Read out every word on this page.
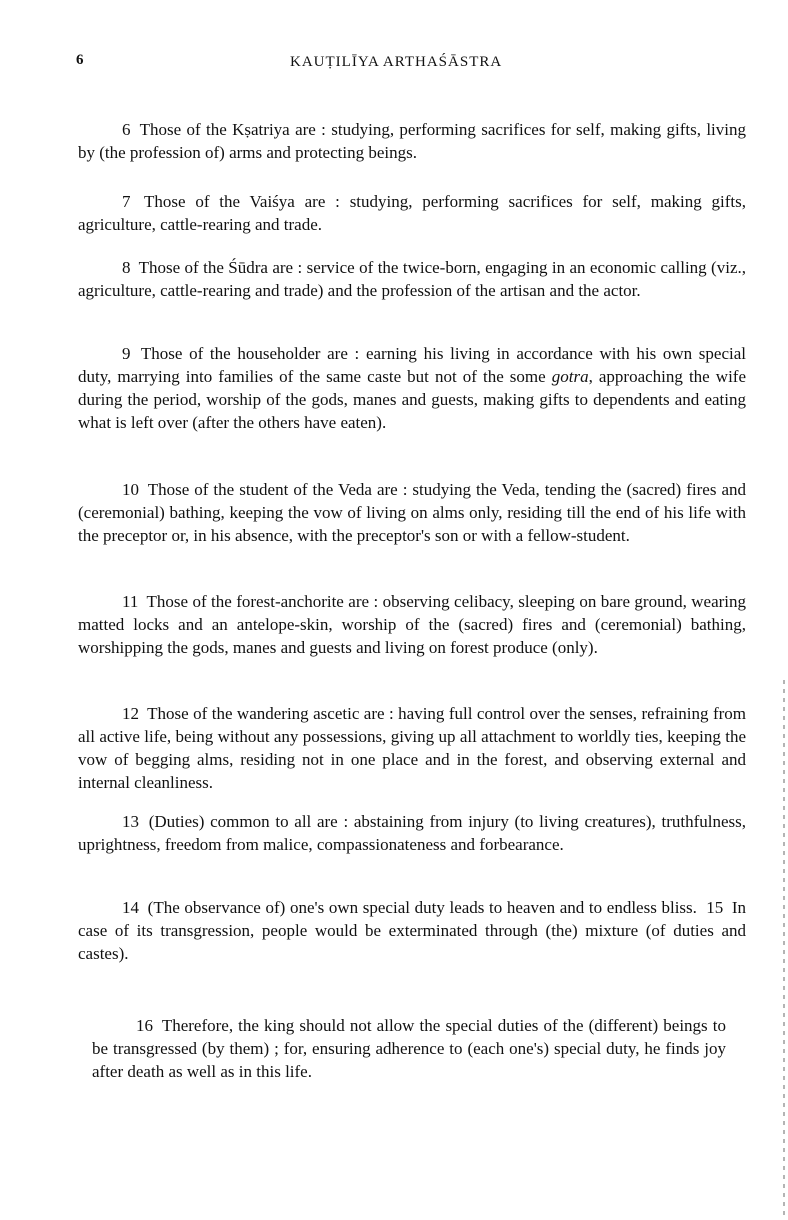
6	KAUṬILĪYA ARTHAŚĀSTRA

6 Those of the Kṣatriya are : studying, performing sacrifices for self, making gifts, living by (the profession of) arms and protecting beings.

7 Those of the Vaiśya are : studying, performing sacrifices for self, making gifts, agriculture, cattle-rearing and trade.

8 Those of the Śūdra are : service of the twice-born, engaging in an economic calling (viz., agriculture, cattle-rearing and trade) and the profession of the artisan and the actor.

9 Those of the householder are : earning his living in accordance with his own special duty, marrying into families of the same caste but not of the some gotra, approaching the wife during the period, worship of the gods, manes and guests, making gifts to dependents and eating what is left over (after the others have eaten).

10 Those of the student of the Veda are : studying the Veda, tending the (sacred) fires and (ceremonial) bathing, keeping the vow of living on alms only, residing till the end of his life with the preceptor or, in his absence, with the preceptor's son or with a fellow-student.

11 Those of the forest-anchorite are : observing celibacy, sleeping on bare ground, wearing matted locks and an antelope-skin, worship of the (sacred) fires and (ceremonial) bathing, worshipping the gods, manes and guests and living on forest produce (only).

12 Those of the wandering ascetic are : having full control over the senses, refraining from all active life, being without any possessions, giving up all attachment to worldly ties, keeping the vow of begging alms, residing not in one place and in the forest, and observing external and internal cleanliness.

13 (Duties) common to all are : abstaining from injury (to living creatures), truthfulness, uprightness, freedom from malice, compassionateness and forbearance.

14 (The observance of) one's own special duty leads to heaven and to endless bliss. 15 In case of its transgression, people would be exterminated through (the) mixture (of duties and castes).

16 Therefore, the king should not allow the special duties of the (different) beings to be transgressed (by them) ; for, ensuring adherence to (each one's) special duty, he finds joy after death as well as in this life.
